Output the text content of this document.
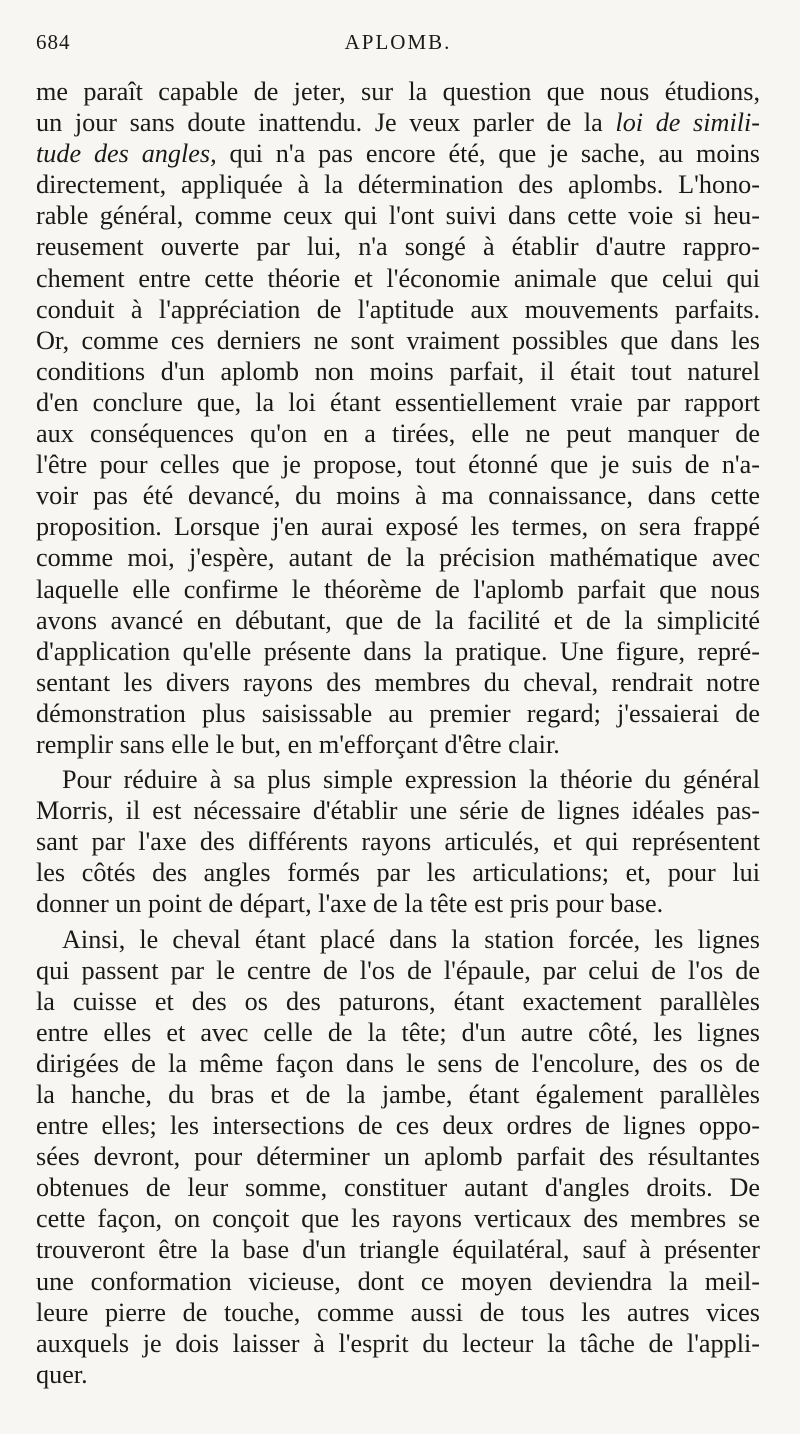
684	APLOMB.
me paraît capable de jeter, sur la question que nous étudions,
un jour sans doute inattendu. Je veux parler de la loi de simili-
tude des angles, qui n'a pas encore été, que je sache, au moins
directement, appliquée à la détermination des aplombs. L'hono-
rable général, comme ceux qui l'ont suivi dans cette voie si heu-
reusement ouverte par lui, n'a songé à établir d'autre rappro-
chement entre cette théorie et l'économie animale que celui qui
conduit à l'appréciation de l'aptitude aux mouvements parfaits.
Or, comme ces derniers ne sont vraiment possibles que dans les
conditions d'un aplomb non moins parfait, il était tout naturel
d'en conclure que, la loi étant essentiellement vraie par rapport
aux conséquences qu'on en a tirées, elle ne peut manquer de
l'être pour celles que je propose, tout étonné que je suis de n'a-
voir pas été devancé, du moins à ma connaissance, dans cette
proposition. Lorsque j'en aurai exposé les termes, on sera frappé
comme moi, j'espère, autant de la précision mathématique avec
laquelle elle confirme le théorème de l'aplomb parfait que nous
avons avancé en débutant, que de la facilité et de la simplicité
d'application qu'elle présente dans la pratique. Une figure, repré-
sentant les divers rayons des membres du cheval, rendrait notre
démonstration plus saisissable au premier regard; j'essaierai de
remplir sans elle le but, en m'efforçant d'être clair.
Pour réduire à sa plus simple expression la théorie du général
Morris, il est nécessaire d'établir une série de lignes idéales pas-
sant par l'axe des différents rayons articulés, et qui représentent
les côtés des angles formés par les articulations; et, pour lui
donner un point de départ, l'axe de la tête est pris pour base.
Ainsi, le cheval étant placé dans la station forcée, les lignes
qui passent par le centre de l'os de l'épaule, par celui de l'os de
la cuisse et des os des paturons, étant exactement parallèles
entre elles et avec celle de la tête; d'un autre côté, les lignes
dirigées de la même façon dans le sens de l'encolure, des os de
la hanche, du bras et de la jambe, étant également parallèles
entre elles; les intersections de ces deux ordres de lignes oppo-
sées devront, pour déterminer un aplomb parfait des résultantes
obtenues de leur somme, constituer autant d'angles droits. De
cette façon, on conçoit que les rayons verticaux des membres se
trouveront être la base d'un triangle équilatéral, sauf à présenter
une conformation vicieuse, dont ce moyen deviendra la meil-
leure pierre de touche, comme aussi de tous les autres vices
auxquels je dois laisser à l'esprit du lecteur la tâche de l'appli-
quer.
